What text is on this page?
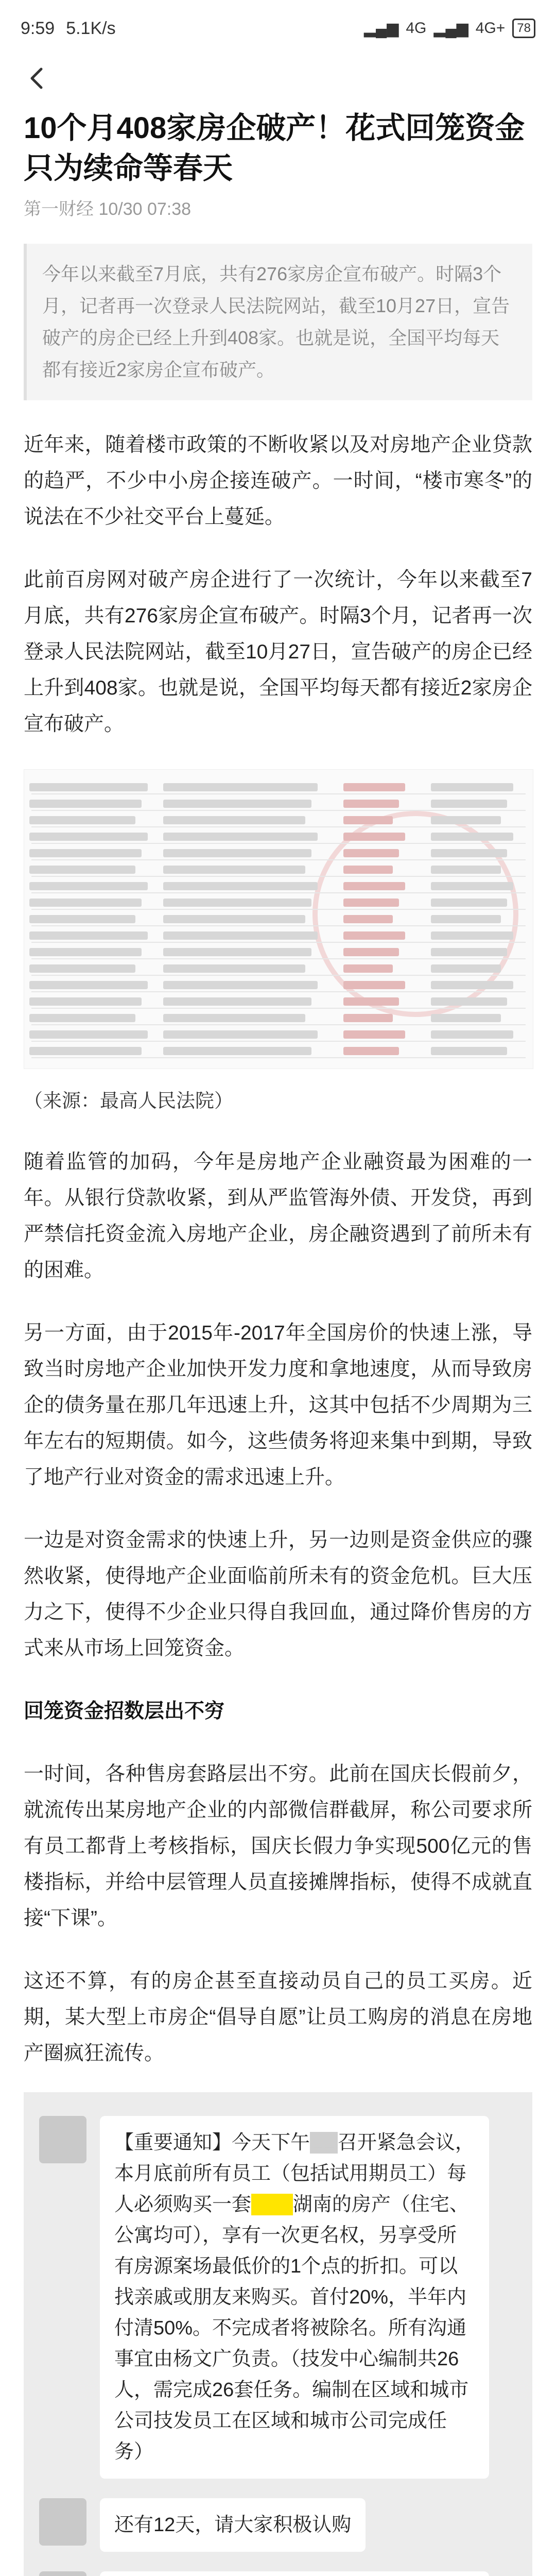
9:59 5.1K/s	▂▄▆ 4G ▂▄▆ 4G+ 78
10个月408家房企破产！花式回笼资金只为续命等春天
第一财经 10/30 07:38
今年以来截至7月底，共有276家房企宣布破产。时隔3个月，记者再一次登录人民法院网站，截至10月27日，宣告破产的房企已经上升到408家。也就是说，全国平均每天都有接近2家房企宣布破产。

近年来，随着楼市政策的不断收紧以及对房地产企业贷款的趋严，不少中小房企接连破产。一时间，“楼市寒冬”的说法在不少社交平台上蔓延。

此前百房网对破产房企进行了一次统计，今年以来截至7月底，共有276家房企宣布破产。时隔3个月，记者再一次登录人民法院网站，截至10月27日，宣告破产的房企已经上升到408家。也就是说，全国平均每天都有接近2家房企宣布破产。

（来源：最高人民法院）

随着监管的加码，今年是房地产企业融资最为困难的一年。从银行贷款收紧，到从严监管海外债、开发贷，再到严禁信托资金流入房地产企业，房企融资遇到了前所未有的困难。

另一方面，由于2015年-2017年全国房价的快速上涨，导致当时房地产企业加快开发力度和拿地速度，从而导致房企的债务量在那几年迅速上升，这其中包括不少周期为三年左右的短期债。如今，这些债务将迎来集中到期，导致了地产行业对资金的需求迅速上升。

一边是对资金需求的快速上升，另一边则是资金供应的骤然收紧，使得地产企业面临前所未有的资金危机。巨大压力之下，使得不少企业只得自我回血，通过降价售房的方式来从市场上回笼资金。

回笼资金招数层出不穷

一时间，各种售房套路层出不穷。此前在国庆长假前夕，就流传出某房地产企业的内部微信群截屏，称公司要求所有员工都背上考核指标，国庆长假力争实现500亿元的售楼指标，并给中层管理人员直接摊牌指标，使得不成就直接“下课”。

这还不算，有的房企甚至直接动员自己的员工买房。近期，某大型上市房企“倡导自愿”让员工购房的消息在房地产圈疯狂流传。

【重要通知】今天下午 ■■ 召开紧急会议，本月底前所有员工（包括试用期员工）每人必须购买一套 ■■■ 湖南的房产（住宅、公寓均可），享有一次更名权，另享受所有房源案场最低价的1个点的折扣。可以找亲戚或朋友来购买。首付20%，半年内付清50%。不完成者将被除名。所有沟通事宜由杨文广负责。（技发中心编制共26人，需完成26套任务。编制在区域和城市公司技发员工在区域和城市公司完成任务）
还有12天，请大家积极认购
